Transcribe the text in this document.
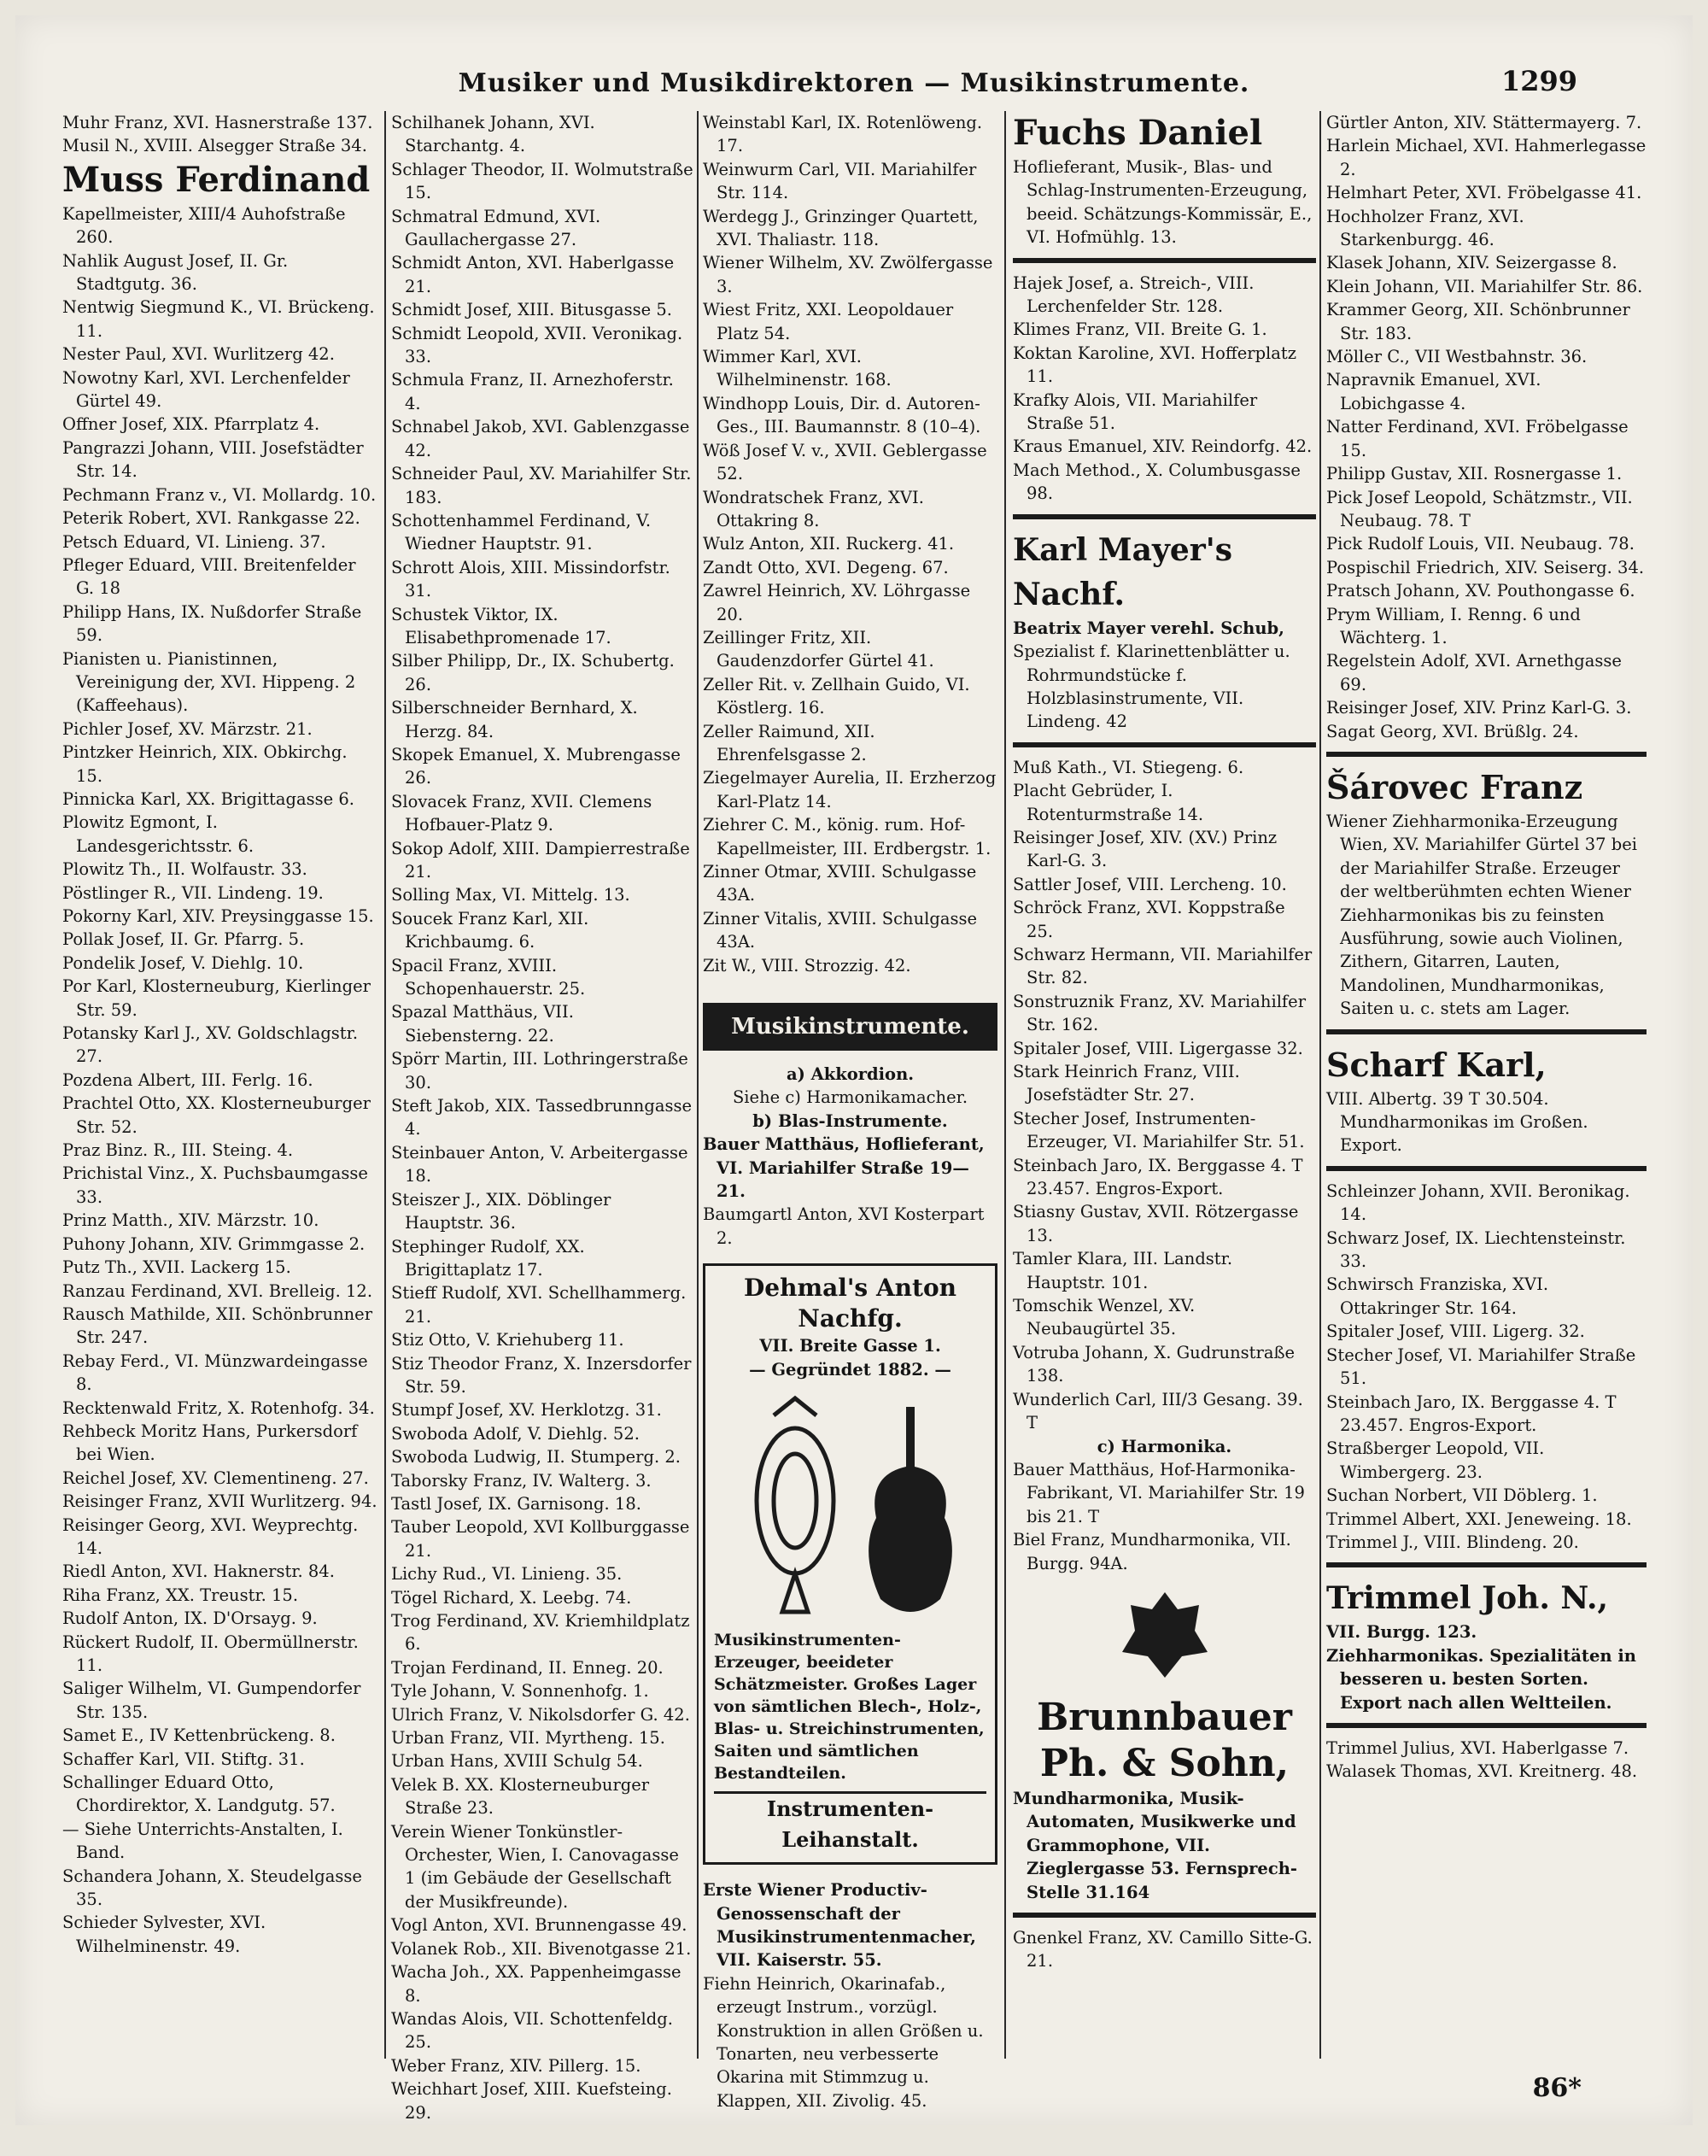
Musiker und Musikdirektoren — Musikinstrumente.	1299

Muhr Franz, XVI. Hasnerstraße 137.

Musil N., XVIII. Alsegger Straße 34.

Muss Ferdinand

Kapellmeister, XIII/4 Auhofstraße 260.

Nahlik August Josef, II. Gr. Stadtgutg. 36.

Nentwig Siegmund K., VI. Brückeng. 11.

Nester Paul, XVI. Wurlitzerg 42.

Nowotny Karl, XVI. Lerchenfelder Gürtel 49.

Offner Josef, XIX. Pfarrplatz 4.

Pangrazzi Johann, VIII. Josefstädter Str. 14.

Pechmann Franz v., VI. Mollardg. 10.

Peterik Robert, XVI. Rankgasse 22.

Petsch Eduard, VI. Linieng. 37.

Pfleger Eduard, VIII. Breitenfelder G. 18

Philipp Hans, IX. Nußdorfer Straße 59.

Pianisten u. Pianistinnen, Vereinigung der, XVI. Hippeng. 2 (Kaffeehaus).

Pichler Josef, XV. Märzstr. 21.

Pintzker Heinrich, XIX. Obkirchg. 15.

Pinnicka Karl, XX. Brigittagasse 6.

Plowitz Egmont, I. Landesgerichtsstr. 6.

Plowitz Th., II. Wolfaustr. 33.

Pöstlinger R., VII. Lindeng. 19.

Pokorny Karl, XIV. Preysinggasse 15.

Pollak Josef, II. Gr. Pfarrg. 5.

Pondelik Josef, V. Diehlg. 10.

Por Karl, Klosterneuburg, Kierlinger Str. 59.

Potansky Karl J., XV. Goldschlagstr. 27.

Pozdena Albert, III. Ferlg. 16.

Prachtel Otto, XX. Klosterneuburger Str. 52.

Praz Binz. R., III. Steing. 4.

Prichistal Vinz., X. Puchsbaumgasse 33.

Prinz Matth., XIV. Märzstr. 10.

Puhony Johann, XIV. Grimmgasse 2.

Putz Th., XVII. Lackerg 15.

Ranzau Ferdinand, XVI. Brelleig. 12.

Rausch Mathilde, XII. Schönbrunner Str. 247.

Rebay Ferd., VI. Münzwardeingasse 8.

Recktenwald Fritz, X. Rotenhofg. 34.

Rehbeck Moritz Hans, Purkersdorf bei Wien.

Reichel Josef, XV. Clementineng. 27.

Reisinger Franz, XVII Wurlitzerg. 94.

Reisinger Georg, XVI. Weyprechtg. 14.

Riedl Anton, XVI. Haknerstr. 84.

Riha Franz, XX. Treustr. 15.

Rudolf Anton, IX. D'Orsayg. 9.

Rückert Rudolf, II. Obermüllnerstr. 11.

Saliger Wilhelm, VI. Gumpendorfer Str. 135.

Samet E., IV Kettenbrückeng. 8.

Schaffer Karl, VII. Stiftg. 31.

Schallinger Eduard Otto, Chordirektor, X. Landgutg. 57.

— Siehe Unterrichts-Anstalten, I. Band.

Schandera Johann, X. Steudelgasse 35.

Schieder Sylvester, XVI. Wilhelminenstr. 49.

Schilhanek Johann, XVI. Starchantg. 4.

Schlager Theodor, II. Wolmutstraße 15.

Schmatral Edmund, XVI. Gaullachergasse 27.

Schmidt Anton, XVI. Haberlgasse 21.

Schmidt Josef, XIII. Bitusgasse 5.

Schmidt Leopold, XVII. Veronikag. 33.

Schmula Franz, II. Arnezhoferstr. 4.

Schnabel Jakob, XVI. Gablenzgasse 42.

Schneider Paul, XV. Mariahilfer Str. 183.

Schottenhammel Ferdinand, V. Wiedner Hauptstr. 91.

Schrott Alois, XIII. Missindorfstr. 31.

Schustek Viktor, IX. Elisabethpromenade 17.

Silber Philipp, Dr., IX. Schubertg. 26.

Silberschneider Bernhard, X. Herzg. 84.

Skopek Emanuel, X. Mubrengasse 26.

Slovacek Franz, XVII. Clemens Hofbauer-Platz 9.

Sokop Adolf, XIII. Dampierrestraße 21.

Solling Max, VI. Mittelg. 13.

Soucek Franz Karl, XII. Krichbaumg. 6.

Spacil Franz, XVIII. Schopenhauerstr. 25.

Spazal Matthäus, VII. Siebensterng. 22.

Spörr Martin, III. Lothringerstraße 30.

Steft Jakob, XIX. Tassedbrunngasse 4.

Steinbauer Anton, V. Arbeitergasse 18.

Steiszer J., XIX. Döblinger Hauptstr. 36.

Stephinger Rudolf, XX. Brigittaplatz 17.

Stieff Rudolf, XVI. Schellhammerg. 21.

Stiz Otto, V. Kriehuberg 11.

Stiz Theodor Franz, X. Inzersdorfer Str. 59.

Stumpf Josef, XV. Herklotzg. 31.

Swoboda Adolf, V. Diehlg. 52.

Swoboda Ludwig, II. Stumperg. 2.

Taborsky Franz, IV. Walterg. 3.

Tastl Josef, IX. Garnisong. 18.

Tauber Leopold, XVI Kollburggasse 21.

Lichy Rud., VI. Linieng. 35.

Tögel Richard, X. Leebg. 74.

Trog Ferdinand, XV. Kriemhildplatz 6.

Trojan Ferdinand, II. Enneg. 20.

Tyle Johann, V. Sonnenhofg. 1.

Ulrich Franz, V. Nikolsdorfer G. 42.

Urban Franz, VII. Myrtheng. 15.

Urban Hans, XVIII Schulg 54.

Velek B. XX. Klosterneuburger Straße 23.

Verein Wiener Tonkünstler-Orchester, Wien, I. Canovagasse 1 (im Gebäude der Gesellschaft der Musikfreunde).

Vogl Anton, XVI. Brunnengasse 49.

Volanek Rob., XII. Bivenotgasse 21.

Wacha Joh., XX. Pappenheimgasse 8.

Wandas Alois, VII. Schottenfeldg. 25.

Weber Franz, XIV. Pillerg. 15.

Weichhart Josef, XIII. Kuefsteing. 29.

Weinstabl Karl, IX. Rotenlöweng. 17.

Weinwurm Carl, VII. Mariahilfer Str. 114.

Werdegg J., Grinzinger Quartett, XVI. Thaliastr. 118.

Wiener Wilhelm, XV. Zwölfergasse 3.

Wiest Fritz, XXI. Leopoldauer Platz 54.

Wimmer Karl, XVI. Wilhelminenstr. 168.

Windhopp Louis, Dir. d. Autoren-Ges., III. Baumannstr. 8 (10–4).

Wöß Josef V. v., XVII. Geblergasse 52.

Wondratschek Franz, XVI. Ottakring 8.

Wulz Anton, XII. Ruckerg. 41.

Zandt Otto, XVI. Degeng. 67.

Zawrel Heinrich, XV. Löhrgasse 20.

Zeillinger Fritz, XII. Gaudenzdorfer Gürtel 41.

Zeller Rit. v. Zellhain Guido, VI. Köstlerg. 16.

Zeller Raimund, XII. Ehrenfelsgasse 2.

Ziegelmayer Aurelia, II. Erzherzog Karl-Platz 14.

Ziehrer C. M., könig. rum. Hof-Kapellmeister, III. Erdbergstr. 1.

Zinner Otmar, XVIII. Schulgasse 43A.

Zinner Vitalis, XVIII. Schulgasse 43A.

Zit W., VIII. Strozzig. 42.

Musikinstrumente.

a) Akkordion.

Siehe c) Harmonikamacher.

b) Blas-Instrumente.

Bauer Matthäus, Hoflieferant, VI. Mariahilfer Straße 19—21.

Baumgartl Anton, XVI Kosterpart 2.

Dehmal's Anton Nachfg.
VII. Breite Gasse 1.
— Gegründet 1882. —
Musikinstrumenten-Erzeuger, beeideter Schätzmeister. Großes Lager von sämtlichen Blech-, Holz-, Blas- u. Streichinstrumenten, Saiten und sämtlichen Bestandteilen.
Instrumenten-Leihanstalt.

Erste Wiener Productiv-Genossenschaft der Musikinstrumentenmacher, VII. Kaiserstr. 55.

Fiehn Heinrich, Okarinafab., erzeugt Instrum., vorzügl. Konstruktion in allen Größen u. Tonarten, neu verbesserte Okarina mit Stimmzug u. Klappen, XII. Zivolig. 45.

Fuchs Daniel

Hoflieferant, Musik-, Blas- und Schlag-Instrumenten-Erzeugung, beeid. Schätzungs-Kommissär, E., VI. Hofmühlg. 13.

Hajek Josef, a. Streich-, VIII. Lerchenfelder Str. 128.

Klimes Franz, VII. Breite G. 1.

Koktan Karoline, XVI. Hofferplatz 11.

Krafky Alois, VII. Mariahilfer Straße 51.

Kraus Emanuel, XIV. Reindorfg. 42.

Mach Method., X. Columbusgasse 98.

Karl Mayer's Nachf.

Beatrix Mayer verehl. Schub,

Spezialist f. Klarinettenblätter u. Rohrmundstücke f. Holzblasinstrumente, VII. Lindeng. 42

Muß Kath., VI. Stiegeng. 6.

Placht Gebrüder, I. Rotenturmstraße 14.

Reisinger Josef, XIV. (XV.) Prinz Karl-G. 3.

Sattler Josef, VIII. Lercheng. 10.

Schröck Franz, XVI. Koppstraße 25.

Schwarz Hermann, VII. Mariahilfer Str. 82.

Sonstruznik Franz, XV. Mariahilfer Str. 162.

Spitaler Josef, VIII. Ligergasse 32.

Stark Heinrich Franz, VIII. Josefstädter Str. 27.

Stecher Josef, Instrumenten-Erzeuger, VI. Mariahilfer Str. 51.

Steinbach Jaro, IX. Berggasse 4. T 23.457. Engros-Export.

Stiasny Gustav, XVII. Rötzergasse 13.

Tamler Klara, III. Landstr. Hauptstr. 101.

Tomschik Wenzel, XV. Neubaugürtel 35.

Votruba Johann, X. Gudrunstraße 138.

Wunderlich Carl, III/3 Gesang. 39. T

c) Harmonika.

Bauer Matthäus, Hof-Harmonika-Fabrikant, VI. Mariahilfer Str. 19 bis 21. T

Biel Franz, Mundharmonika, VII. Burgg. 94A.

Brunnbauer
Ph. & Sohn,

Mundharmonika, Musik-Automaten, Musikwerke und Grammophone, VII. Zieglergasse 53. Fernsprech-Stelle 31.164

Gnenkel Franz, XV. Camillo Sitte-G. 21.

Gürtler Anton, XIV. Stättermayerg. 7.

Harlein Michael, XVI. Hahmerlegasse 2.

Helmhart Peter, XVI. Fröbelgasse 41.

Hochholzer Franz, XVI. Starkenburgg. 46.

Klasek Johann, XIV. Seizergasse 8.

Klein Johann, VII. Mariahilfer Str. 86.

Krammer Georg, XII. Schönbrunner Str. 183.

Möller C., VII Westbahnstr. 36.

Napravnik Emanuel, XVI. Lobichgasse 4.

Natter Ferdinand, XVI. Fröbelgasse 15.

Philipp Gustav, XII. Rosnergasse 1.

Pick Josef Leopold, Schätzmstr., VII. Neubaug. 78. T

Pick Rudolf Louis, VII. Neubaug. 78.

Pospischil Friedrich, XIV. Seiserg. 34.

Pratsch Johann, XV. Pouthongasse 6.

Prym William, I. Renng. 6 und Wächterg. 1.

Regelstein Adolf, XVI. Arnethgasse 69.

Reisinger Josef, XIV. Prinz Karl-G. 3.

Sagat Georg, XVI. Brüßlg. 24.

Šárovec Franz

Wiener Ziehharmonika-Erzeugung Wien, XV. Mariahilfer Gürtel 37 bei der Mariahilfer Straße. Erzeuger der weltberühmten echten Wiener Ziehharmonikas bis zu feinsten Ausführung, sowie auch Violinen, Zithern, Gitarren, Lauten, Mandolinen, Mundharmonikas, Saiten u. c. stets am Lager.

Scharf Karl,

VIII. Albertg. 39 T 30.504. Mundharmonikas im Großen. Export.

Schleinzer Johann, XVII. Beronikag. 14.

Schwarz Josef, IX. Liechtensteinstr. 33.

Schwirsch Franziska, XVI. Ottakringer Str. 164.

Spitaler Josef, VIII. Ligerg. 32.

Stecher Josef, VI. Mariahilfer Straße 51.

Steinbach Jaro, IX. Berggasse 4. T 23.457. Engros-Export.

Straßberger Leopold, VII. Wimbergerg. 23.

Suchan Norbert, VII Döblerg. 1.

Trimmel Albert, XXI. Jeneweing. 18.

Trimmel J., VIII. Blindeng. 20.

Trimmel Joh. N.,

VII. Burgg. 123.

Ziehharmonikas. Spezialitäten in besseren u. besten Sorten. Export nach allen Weltteilen.

Trimmel Julius, XVI. Haberlgasse 7.

Walasek Thomas, XVI. Kreitnerg. 48.

86*
